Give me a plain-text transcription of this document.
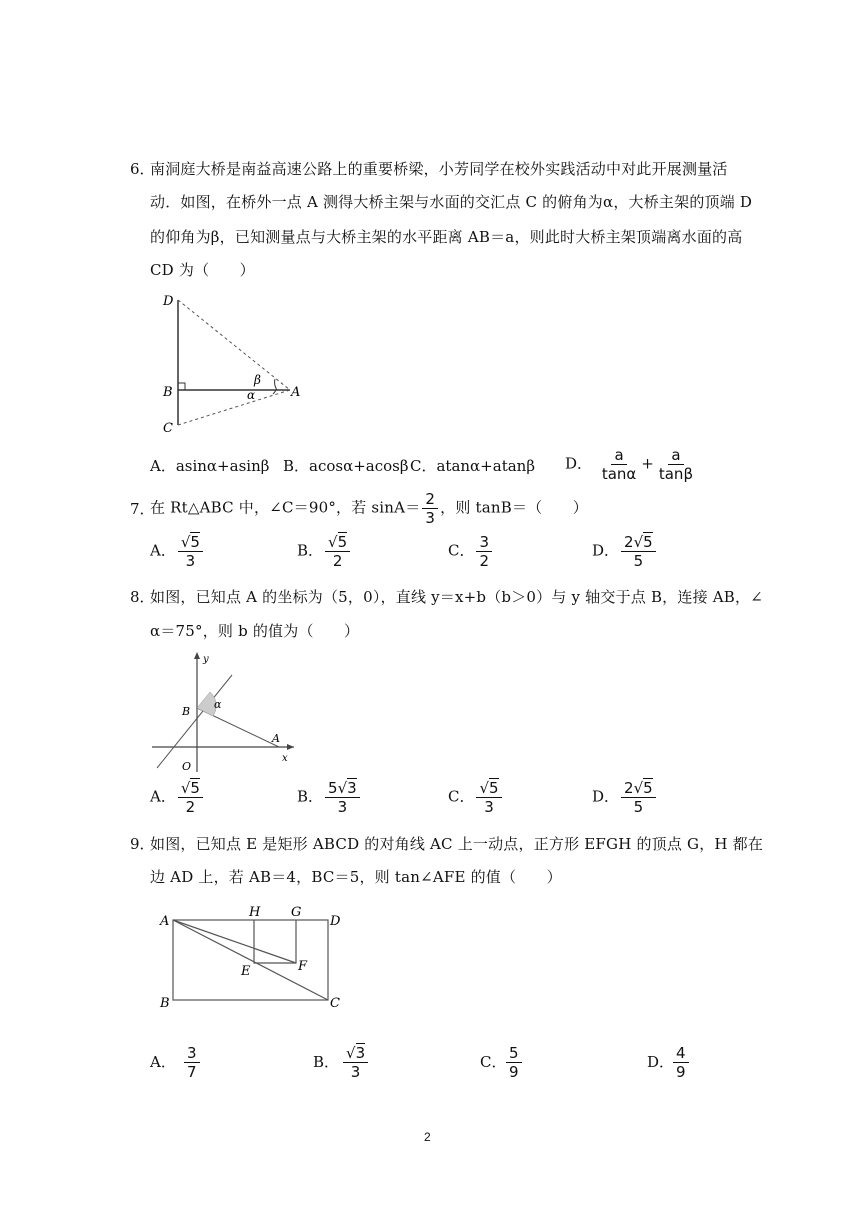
6．
南洞庭大桥是南益高速公路上的重要桥梁，小芳同学在校外实践活动中对此开展测量活
动．如图，在桥外一点 A 测得大桥主架与水面的交汇点 C 的俯角为α，大桥主架的顶端 D
的仰角为β，已知测量点与大桥主架的水平距离 AB＝a，则此时大桥主架顶端离水面的高
CD 为（　　）
D
B
C
A
β
α
A．asinα+asinβ B．acosα+acosβ C．atanα+atanβ D． $\frac{a}{\tan\alpha} + \frac{a}{\tan\beta}$
7．
在 Rt△ABC 中，∠C＝90°，若 $\sin A= \frac{2}{3}$ ，则 tanB＝（　　）
A． $\frac{√5}{3}$	B． $\frac{√5}{2}$	C． $\frac{3}{2}$	D． $\frac{2√5}{5}$
8．
如图，已知点 A 的坐标为（5，0），直线 y＝x+b（b＞0）与 y 轴交于点 B，连接 AB，∠
α＝75°，则 b 的值为（　　）
y
x
B
O
A
α
A． $\frac{√5}{2}$	B． $\frac{5√3}{3}$	C． $\frac{√5}{3}$	D． $\frac{2√5}{5}$
9．
如图，已知点 E 是矩形 ABCD 的对角线 AC 上一动点，正方形 EFGH 的顶点 G，H 都在
边 AD 上，若 AB＝4，BC＝5，则 tan∠AFE 的值（　　）
A
H G
D
E	F
B	C
A． $\frac{3}{7}$	B． $\frac{√3}{3}$	C． $\frac{5}{9}$	D．
$\frac{4}{9}$
2
